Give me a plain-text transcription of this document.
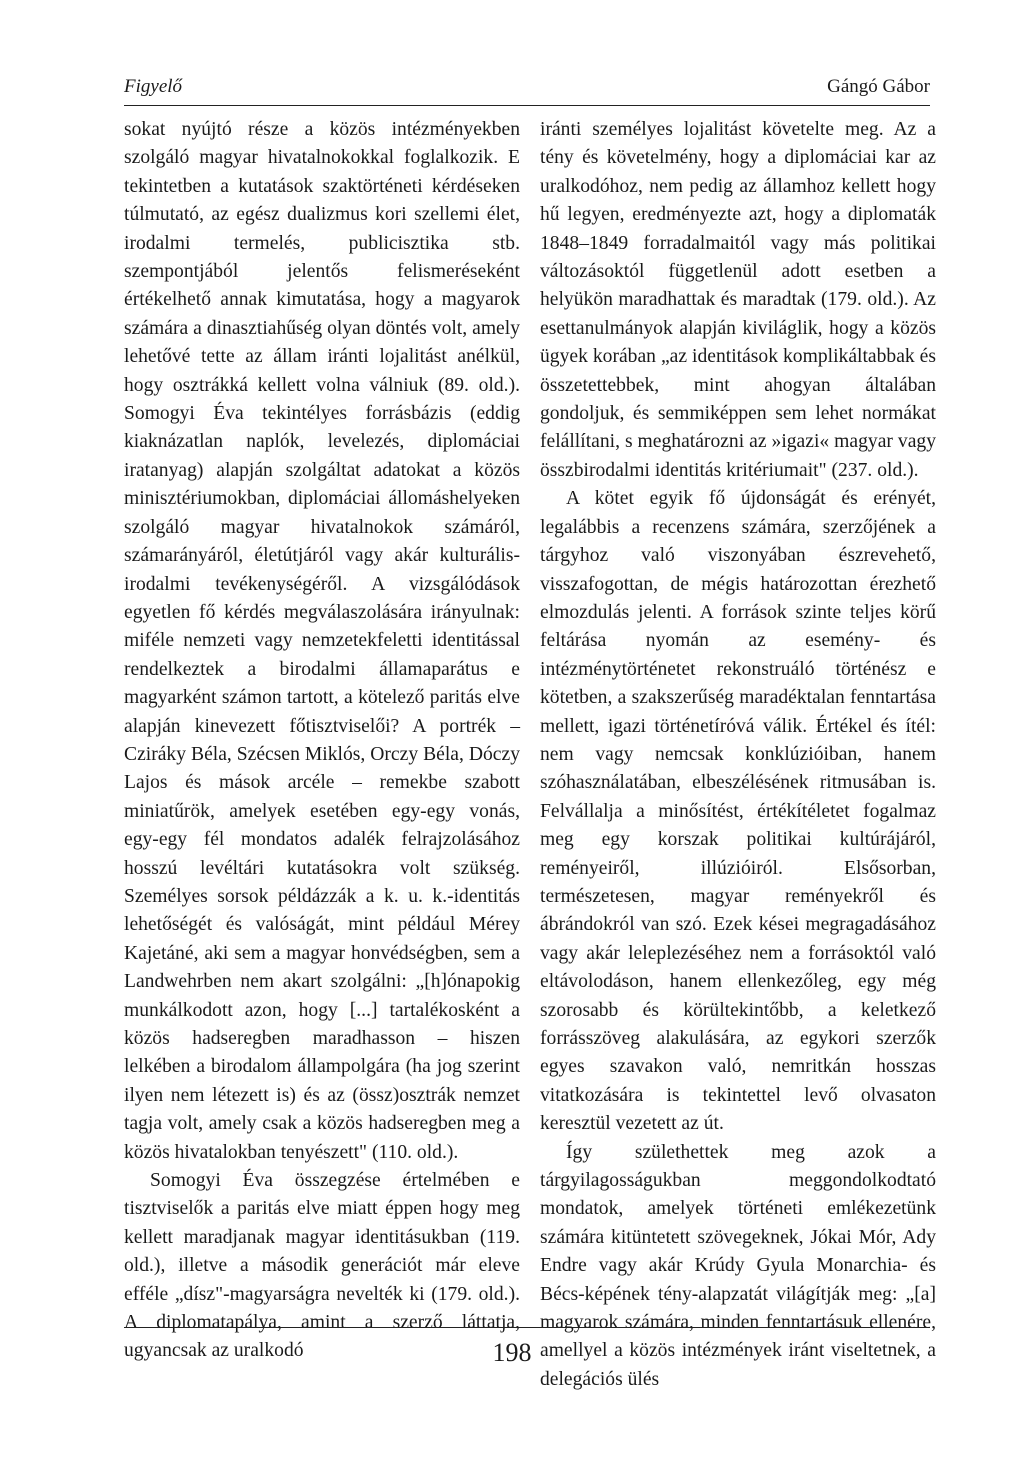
Figyelő	Gángó Gábor

sokat nyújtó része a közös intézményekben szolgáló magyar hivatalnokokkal foglalkozik. E tekintetben a kutatások szaktörténeti kérdéseken túlmutató, az egész dualizmus kori szellemi élet, irodalmi termelés, publicisztika stb. szempontjából jelentős felismeréseként értékelhető annak kimutatása, hogy a magyarok számára a dinasztiahűség olyan döntés volt, amely lehetővé tette az állam iránti lojalitást anélkül, hogy osztrákká kellett volna válniuk (89. old.). Somogyi Éva tekintélyes forrásbázis (eddig kiaknázatlan naplók, levelezés, diplomáciai iratanyag) alapján szolgáltat adatokat a közös minisztériumokban, diplomáciai állomáshelyeken szolgáló magyar hivatalnokok számáról, számarányáról, életútjáról vagy akár kulturális-irodalmi tevékenységéről. A vizsgálódások egyetlen fő kérdés megválaszolására irányulnak: miféle nemzeti vagy nemzetekfeletti identitással rendelkeztek a birodalmi államaparátus e magyarként számon tartott, a kötelező paritás elve alapján kinevezett főtisztviselői? A portrék – Cziráky Béla, Szécsen Miklós, Orczy Béla, Dóczy Lajos és mások arcéle – remekbe szabott miniatűrök, amelyek esetében egy-egy vonás, egy-egy fél mondatos adalék felrajzolásához hosszú levéltári kutatásokra volt szükség. Személyes sorsok példázzák a k. u. k.-identitás lehetőségét és valóságát, mint például Mérey Kajetáné, aki sem a magyar honvédségben, sem a Landwehrben nem akart szolgálni: „[h]ónapokig munkálkodott azon, hogy [...] tartalékosként a közös hadseregben maradhasson – hiszen lelkében a birodalom állampolgára (ha jog szerint ilyen nem létezett is) és az (össz)osztrák nemzet tagja volt, amely csak a közös hadseregben meg a közös hivatalokban tenyészett" (110. old.).

Somogyi Éva összegzése értelmében e tisztviselők a paritás elve miatt éppen hogy meg kellett maradjanak magyar identitásukban (119. old.), illetve a második generációt már eleve efféle „dísz"-magyarságra nevelték ki (179. old.). A diplomatapálya, amint a szerző láttatja, ugyancsak az uralkodó

iránti személyes lojalitást követelte meg. Az a tény és követelmény, hogy a diplomáciai kar az uralkodóhoz, nem pedig az államhoz kellett hogy hű legyen, eredményezte azt, hogy a diplomaták 1848–1849 forradalmaitól vagy más politikai változásoktól függetlenül adott esetben a helyükön maradhattak és maradtak (179. old.). Az esettanulmányok alapján kiviláglik, hogy a közös ügyek korában „az identitások komplikáltabbak és összetettebbek, mint ahogyan általában gondoljuk, és semmiképpen sem lehet normákat felállítani, s meghatározni az »igazi« magyar vagy összbirodalmi identitás kritériumait" (237. old.).

A kötet egyik fő újdonságát és erényét, legalábbis a recenzens számára, szerzőjének a tárgyhoz való viszonyában észrevehető, visszafogottan, de mégis határozottan érezhető elmozdulás jelenti. A források szinte teljes körű feltárása nyomán az esemény- és intézménytörténetet rekonstruáló történész e kötetben, a szakszerűség maradéktalan fenntartása mellett, igazi történetíróvá válik. Értékel és ítél: nem vagy nemcsak konklúzióiban, hanem szóhasználatában, elbeszélésének ritmusában is. Felvállalja a minősítést, értékítéletet fogalmaz meg egy korszak politikai kultúrájáról, reményeiről, illúzióiról. Elsősorban, természetesen, magyar reményekről és ábrándokról van szó. Ezek kései megragadásához vagy akár leleplezéséhez nem a forrásoktól való eltávolodáson, hanem ellenkezőleg, egy még szorosabb és körültekintőbb, a keletkező forrásszöveg alakulására, az egykori szerzők egyes szavakon való, nemritkán hosszas vitatkozására is tekintettel levő olvasaton keresztül vezetett az út.

Így születhettek meg azok a tárgyilagosságukban meggondolkodtató mondatok, amelyek történeti emlékezetünk számára kitüntetett szövegeknek, Jókai Mór, Ady Endre vagy akár Krúdy Gyula Monarchia- és Bécs-képének tény-alapzatát világítják meg: „[a] magyarok számára, minden fenntartásuk ellenére, amellyel a közös intézmények iránt viseltetnek, a delegációs ülés

198
